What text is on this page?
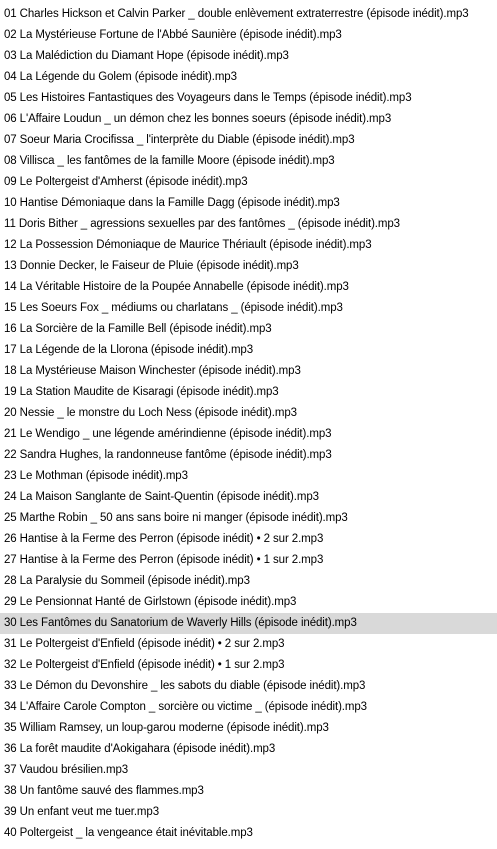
01 Charles Hickson et Calvin Parker _ double enlèvement extraterrestre (épisode inédit).mp3
02 La Mystérieuse Fortune de l'Abbé Saunière (épisode inédit).mp3
03 La Malédiction du Diamant Hope (épisode inédit).mp3
04 La Légende du Golem (épisode inédit).mp3
05 Les Histoires Fantastiques des Voyageurs dans le Temps (épisode inédit).mp3
06 L'Affaire Loudun _ un démon chez les bonnes soeurs (épisode inédit).mp3
07 Soeur Maria Crocifissa _ l'interprète du Diable (épisode inédit).mp3
08 Villisca _ les fantômes de la famille Moore (épisode inédit).mp3
09 Le Poltergeist d'Amherst (épisode inédit).mp3
10 Hantise Démoniaque dans la Famille Dagg (épisode inédit).mp3
11 Doris Bither _ agressions sexuelles par des fantômes _ (épisode inédit).mp3
12 La Possession Démoniaque de Maurice Thériault (épisode inédit).mp3
13 Donnie Decker, le Faiseur de Pluie (épisode inédit).mp3
14 La Véritable Histoire de la Poupée Annabelle (épisode inédit).mp3
15 Les Soeurs Fox _ médiums ou charlatans _ (épisode inédit).mp3
16 La Sorcière de la Famille Bell (épisode inédit).mp3
17 La Légende de la Llorona (épisode inédit).mp3
18 La Mystérieuse Maison Winchester (épisode inédit).mp3
19 La Station Maudite de Kisaragi (épisode inédit).mp3
20 Nessie _ le monstre du Loch Ness (épisode inédit).mp3
21 Le Wendigo _ une légende amérindienne (épisode inédit).mp3
22 Sandra Hughes, la randonneuse fantôme (épisode inédit).mp3
23 Le Mothman (épisode inédit).mp3
24 La Maison Sanglante de Saint-Quentin (épisode inédit).mp3
25 Marthe Robin _ 50 ans sans boire ni manger (épisode inédit).mp3
26 Hantise à la Ferme des Perron (épisode inédit) • 2 sur 2.mp3
27 Hantise à la Ferme des Perron (épisode inédit) • 1 sur 2.mp3
28 La Paralysie du Sommeil (épisode inédit).mp3
29 Le Pensionnat Hanté de Girlstown (épisode inédit).mp3
30 Les Fantômes du Sanatorium de Waverly Hills (épisode inédit).mp3
31 Le Poltergeist d'Enfield (épisode inédit) • 2 sur 2.mp3
32 Le Poltergeist d'Enfield (épisode inédit) • 1 sur 2.mp3
33 Le Démon du Devonshire _ les sabots du diable (épisode inédit).mp3
34 L'Affaire Carole Compton _ sorcière ou victime _ (épisode inédit).mp3
35 William Ramsey, un loup-garou moderne (épisode inédit).mp3
36 La forêt maudite d'Aokigahara (épisode inédit).mp3
37 Vaudou brésilien.mp3
38 Un fantôme sauvé des flammes.mp3
39 Un enfant veut me tuer.mp3
40 Poltergeist _ la vengeance était inévitable.mp3
